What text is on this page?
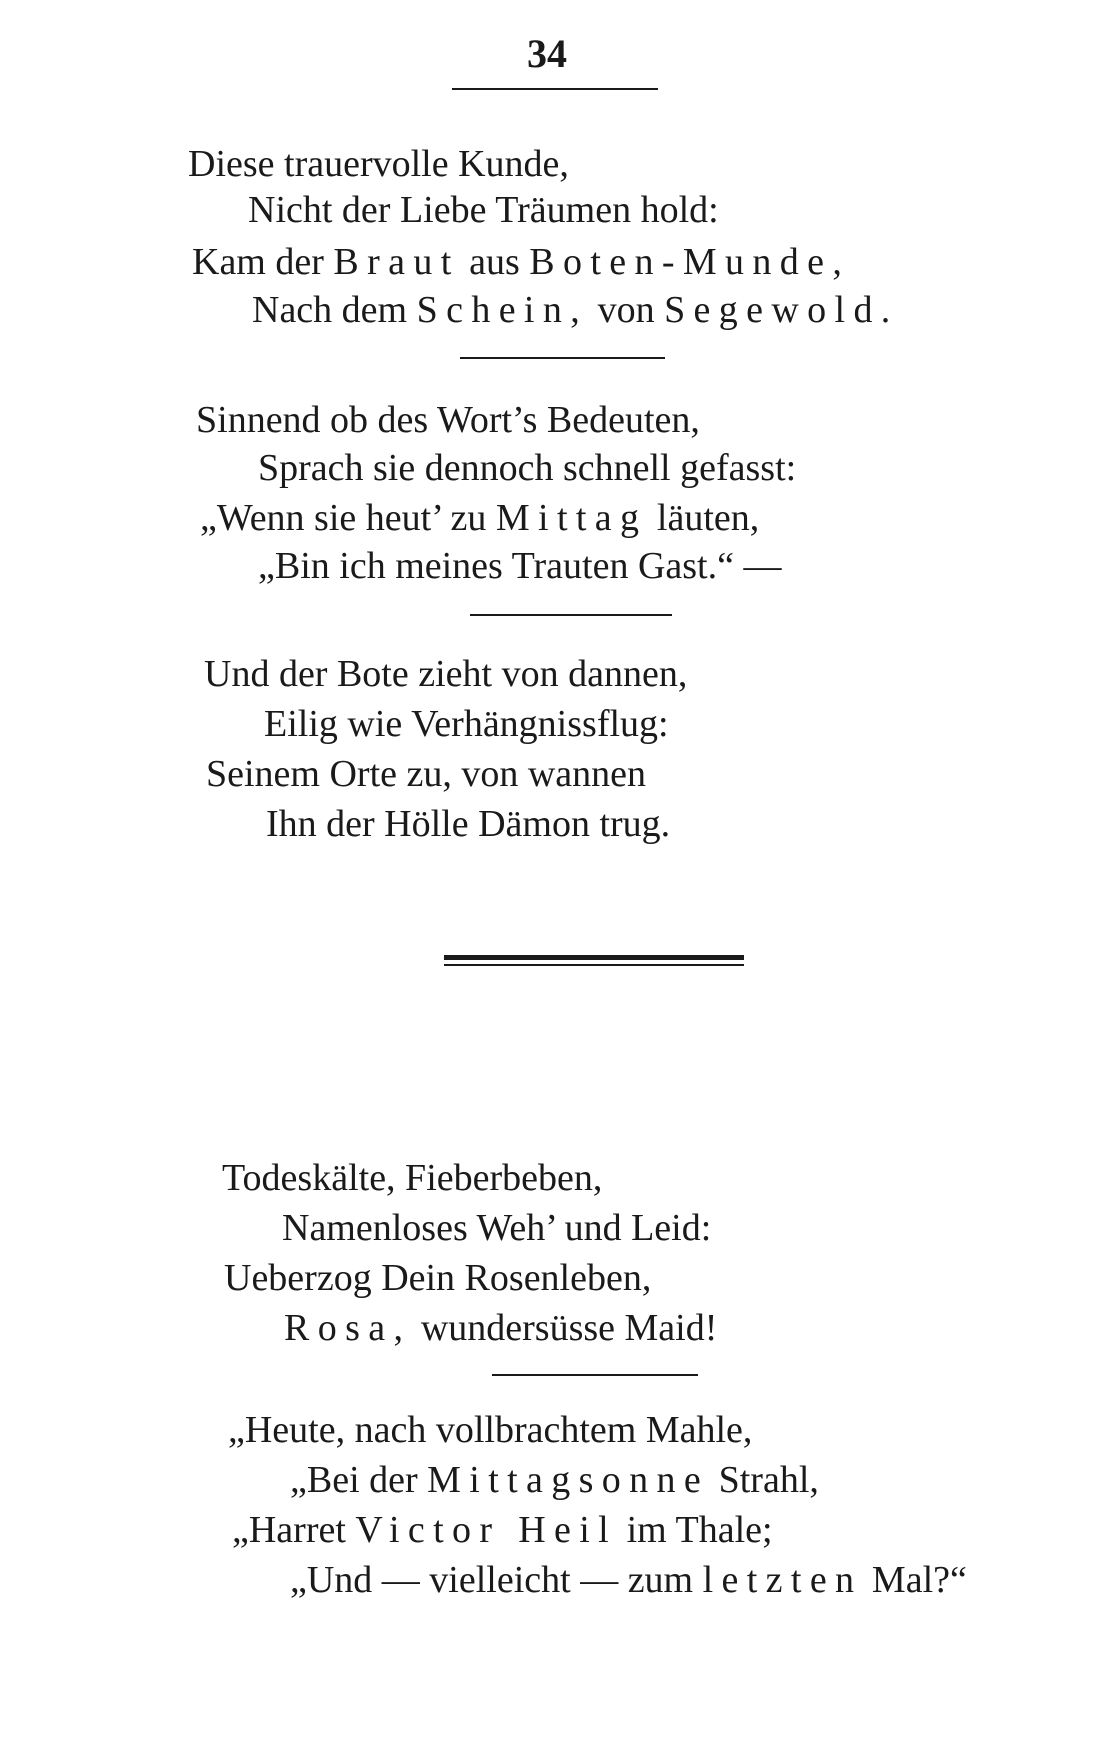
34
Diese trauervolle Kunde,
Nicht der Liebe Träumen hold:
Kam der Braut aus Boten-Munde,
Nach dem Schein, von Segewold.
Sinnend ob des Wort’s Bedeuten,
Sprach sie dennoch schnell gefasst:
„Wenn sie heut’ zu Mittag läuten,
„Bin ich meines Trauten Gast.“ —
Und der Bote zieht von dannen,
Eilig wie Verhängnissflug:
Seinem Orte zu, von wannen
Ihn der Hölle Dämon trug.
Todeskälte, Fieberbeben,
Namenloses Weh’ und Leid:
Ueberzog Dein Rosenleben,
Rosa, wundersüsse Maid!
„Heute, nach vollbrachtem Mahle,
„Bei der Mittagsonne Strahl,
„Harret Victor Heil im Thale;
„Und — vielleicht — zum letzten Mal?“
